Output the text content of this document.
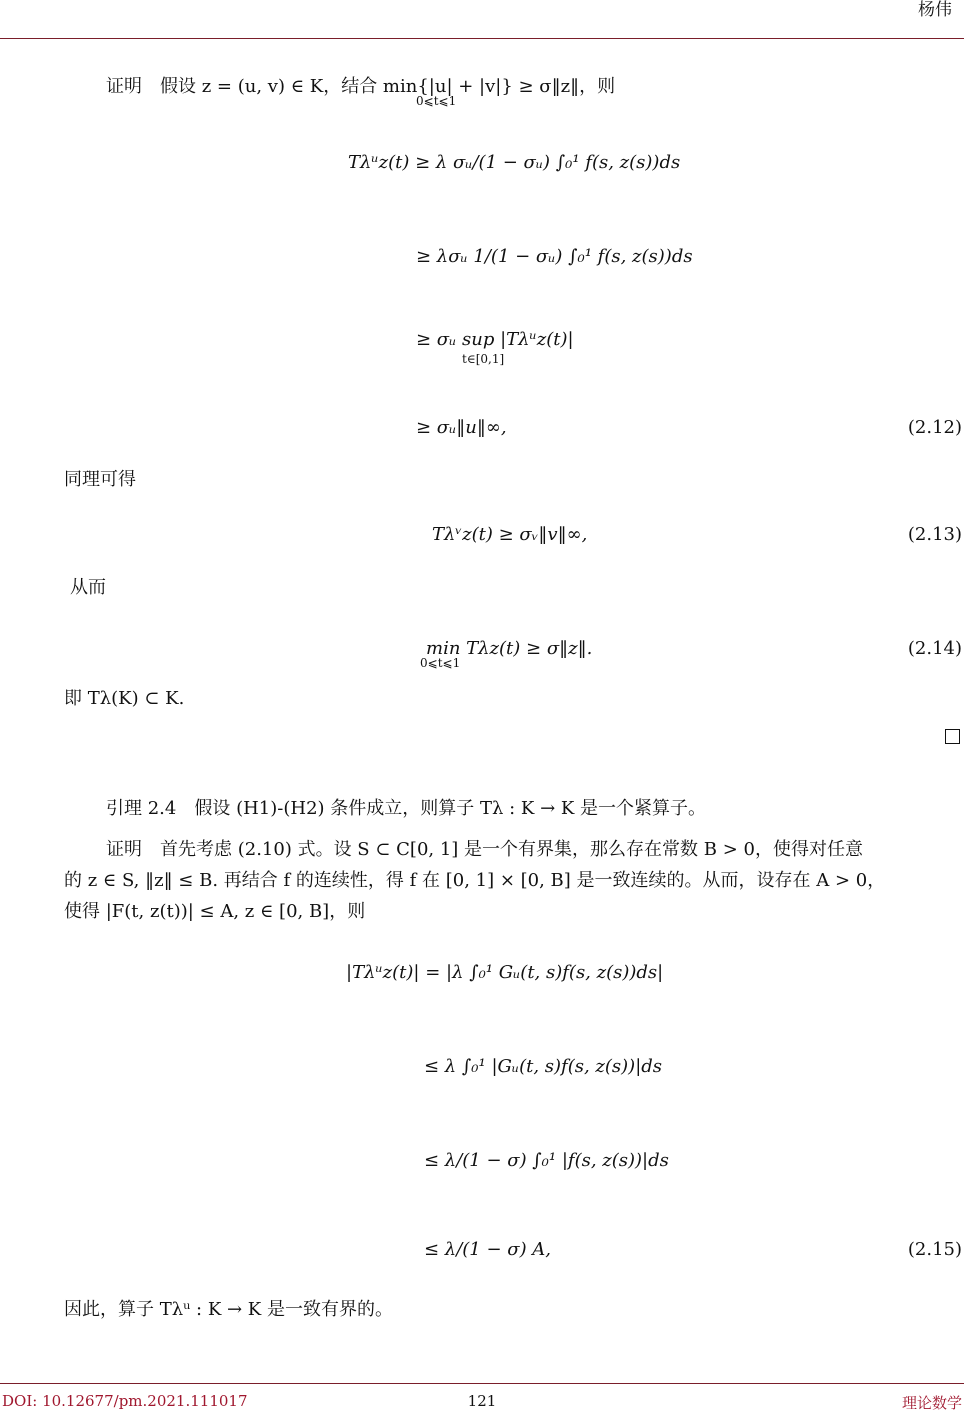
杨伟
证明　假设 z = (u, v) ∈ K，结合 min{|u| + |v|} ≥ σ‖z‖，则
0⩽t⩽1
Tλᵘz(t) ≥ λ σᵤ/(1 − σᵤ) ∫₀¹ f(s, z(s))ds
≥ λσᵤ 1/(1 − σᵤ) ∫₀¹ f(s, z(s))ds
≥ σᵤ sup |Tλᵘz(t)|
t∈[0,1]
≥ σᵤ‖u‖∞,	(2.12)
同理可得
Tλᵛz(t) ≥ σᵥ‖v‖∞,	(2.13)
从而
min Tλz(t) ≥ σ‖z‖.
0⩽t⩽1
(2.14)
即 Tλ(K) ⊂ K.
引理 2.4　假设 (H1)-(H2) 条件成立，则算子 Tλ : K → K 是一个紧算子。
证明　首先考虑 (2.10) 式。设 S ⊂ C[0, 1] 是一个有界集，那么存在常数 B > 0，使得对任意
的 z ∈ S, ‖z‖ ≤ B. 再结合 f 的连续性，得 f 在 [0, 1] × [0, B] 是一致连续的。从而，设存在 A > 0，
使得 |F(t, z(t))| ≤ A, z ∈ [0, B]，则
|Tλᵘz(t)| = |λ ∫₀¹ Gᵤ(t, s)f(s, z(s))ds|
≤ λ ∫₀¹ |Gᵤ(t, s)f(s, z(s))|ds
≤ λ/(1 − σ) ∫₀¹ |f(s, z(s))|ds
≤ λ/(1 − σ) A,	(2.15)
因此，算子 Tλᵘ : K → K 是一致有界的。
DOI: 10.12677/pm.2021.111017	121	理论数学
